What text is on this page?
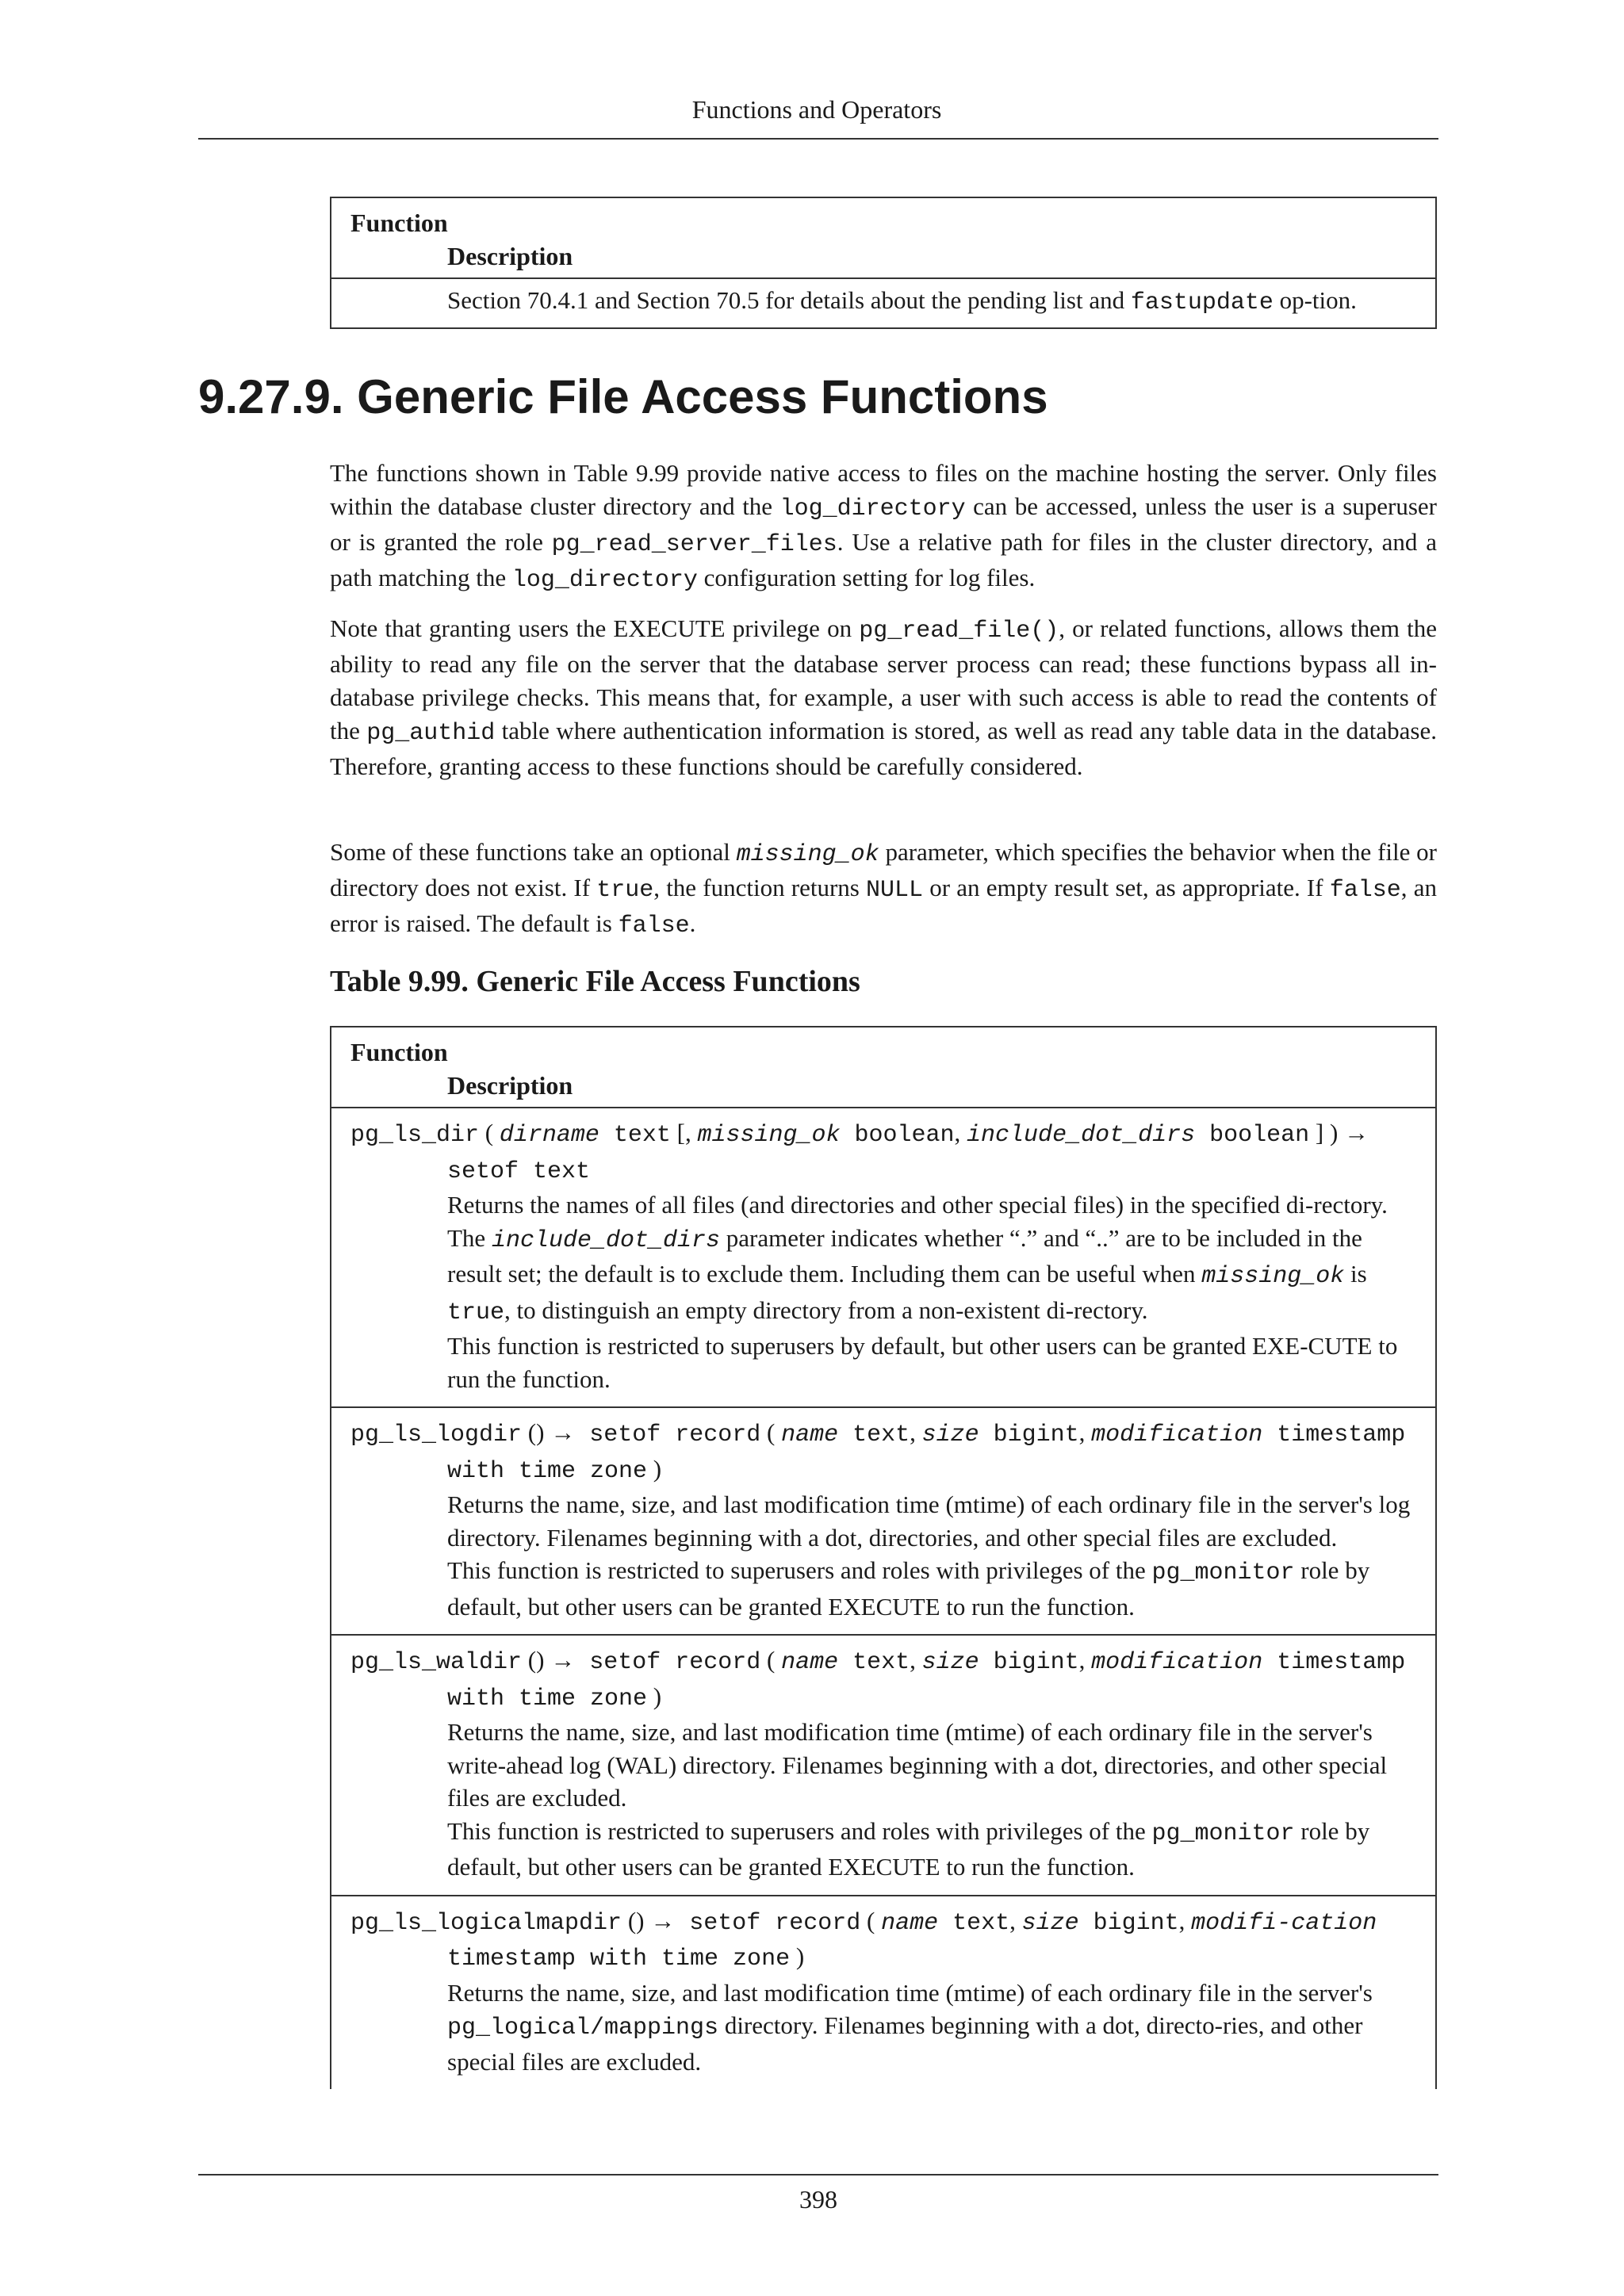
Functions and Operators
Function
Description
Section 70.4.1 and Section 70.5 for details about the pending list and fastupdate op-tion.
9.27.9. Generic File Access Functions

The functions shown in Table 9.99 provide native access to files on the machine hosting the server. Only files within the database cluster directory and the log_directory can be accessed, unless the user is a superuser or is granted the role pg_read_server_files. Use a relative path for files in the cluster directory, and a path matching the log_directory configuration setting for log files.

Note that granting users the EXECUTE privilege on pg_read_file(), or related functions, allows them the ability to read any file on the server that the database server process can read; these functions bypass all in-database privilege checks. This means that, for example, a user with such access is able to read the contents of the pg_authid table where authentication information is stored, as well as read any table data in the database. Therefore, granting access to these functions should be carefully considered.

Some of these functions take an optional missing_ok parameter, which specifies the behavior when the file or directory does not exist. If true, the function returns NULL or an empty result set, as appropriate. If false, an error is raised. The default is false.

Table 9.99. Generic File Access Functions
Function
Description
pg_ls_dir ( dirname text [, missing_ok boolean, include_dot_dirs boolean ] ) → setof text
Returns the names of all files (and directories and other special files) in the specified di-rectory. The include_dot_dirs parameter indicates whether “.” and “..” are to be included in the result set; the default is to exclude them. Including them can be useful when missing_ok is true, to distinguish an empty directory from a non-existent di-rectory.
This function is restricted to superusers by default, but other users can be granted EXE-CUTE to run the function.
pg_ls_logdir () → setof record ( name text, size bigint, modification timestamp with time zone )
Returns the name, size, and last modification time (mtime) of each ordinary file in the server's log directory. Filenames beginning with a dot, directories, and other special files are excluded.
This function is restricted to superusers and roles with privileges of the pg_monitor role by default, but other users can be granted EXECUTE to run the function.
pg_ls_waldir () → setof record ( name text, size bigint, modification timestamp with time zone )
Returns the name, size, and last modification time (mtime) of each ordinary file in the server's write-ahead log (WAL) directory. Filenames beginning with a dot, directories, and other special files are excluded.
This function is restricted to superusers and roles with privileges of the pg_monitor role by default, but other users can be granted EXECUTE to run the function.
pg_ls_logicalmapdir () → setof record ( name text, size bigint, modifi-cation timestamp with time zone )
Returns the name, size, and last modification time (mtime) of each ordinary file in the server's pg_logical/mappings directory. Filenames beginning with a dot, directo-ries, and other special files are excluded.
398
